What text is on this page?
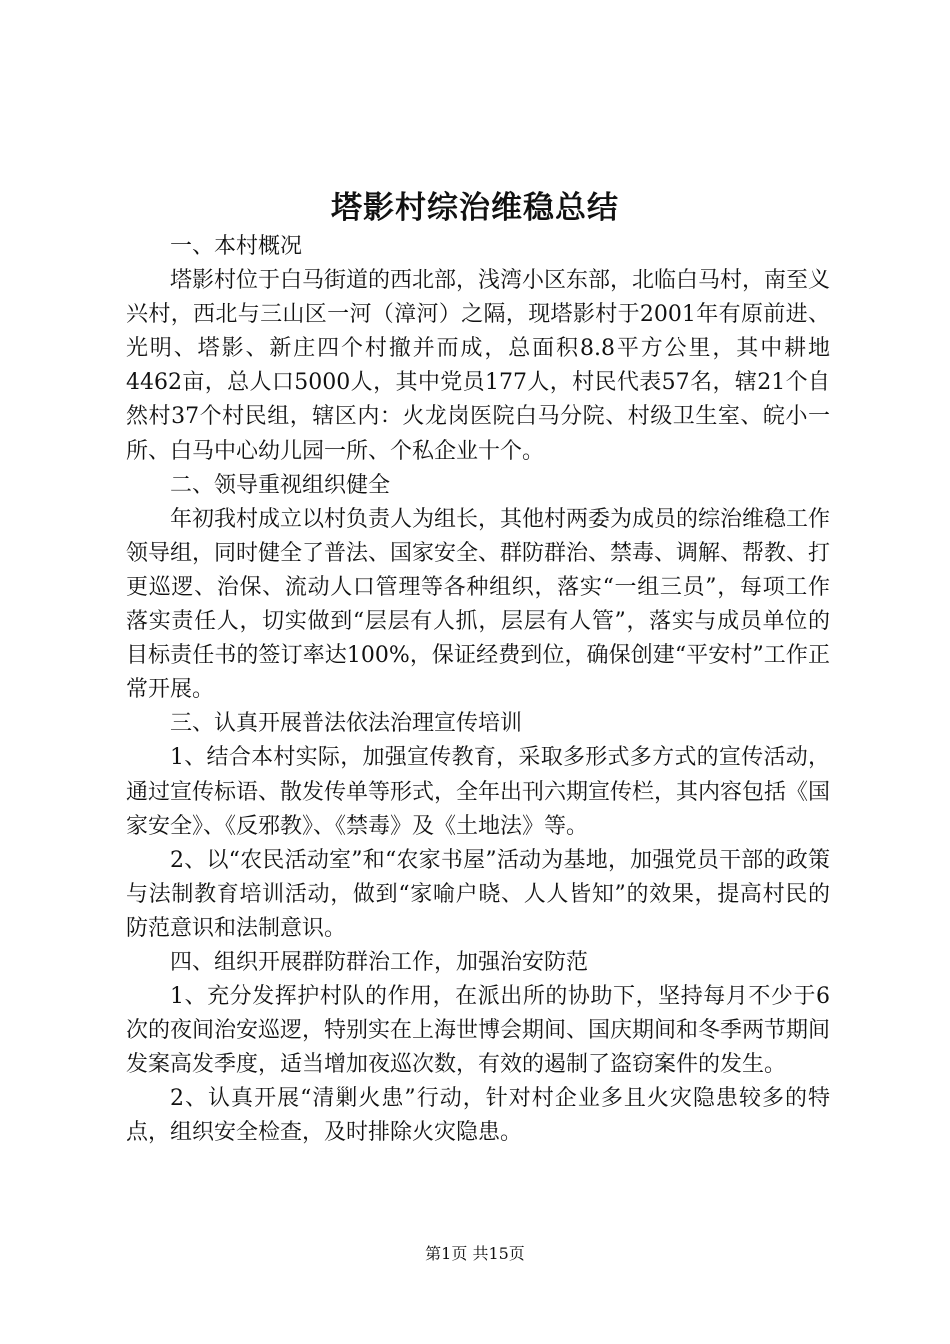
塔影村综治维稳总结

一、本村概况

塔影村位于白马街道的西北部，浅湾小区东部，北临白马村，南至义兴村，西北与三山区一河（漳河）之隔，现塔影村于2001年有原前进、光明、塔影、新庄四个村撤并而成，总面积8.8平方公里，其中耕地4462亩，总人口5000人，其中党员177人，村民代表57名，辖21个自然村37个村民组，辖区内：火龙岗医院白马分院、村级卫生室、皖小一所、白马中心幼儿园一所、个私企业十个。

二、领导重视组织健全

年初我村成立以村负责人为组长，其他村两委为成员的综治维稳工作领导组，同时健全了普法、国家安全、群防群治、禁毒、调解、帮教、打更巡逻、治保、流动人口管理等各种组织，落实“一组三员”，每项工作落实责任人，切实做到“层层有人抓，层层有人管”，落实与成员单位的目标责任书的签订率达100%，保证经费到位，确保创建“平安村”工作正常开展。

三、认真开展普法依法治理宣传培训

1、结合本村实际，加强宣传教育，采取多形式多方式的宣传活动，通过宣传标语、散发传单等形式，全年出刊六期宣传栏，其内容包括《国家安全》、《反邪教》、《禁毒》及《土地法》等。

2、以“农民活动室”和“农家书屋”活动为基地，加强党员干部的政策与法制教育培训活动，做到“家喻户晓、人人皆知”的效果，提高村民的防范意识和法制意识。

四、组织开展群防群治工作，加强治安防范

1、充分发挥护村队的作用，在派出所的协助下，坚持每月不少于6次的夜间治安巡逻，特别实在上海世博会期间、国庆期间和冬季两节期间发案高发季度，适当增加夜巡次数，有效的遏制了盗窃案件的发生。

2、认真开展“清剿火患”行动，针对村企业多且火灾隐患较多的特点，组织安全检查，及时排除火灾隐患。

第1页 共15页
